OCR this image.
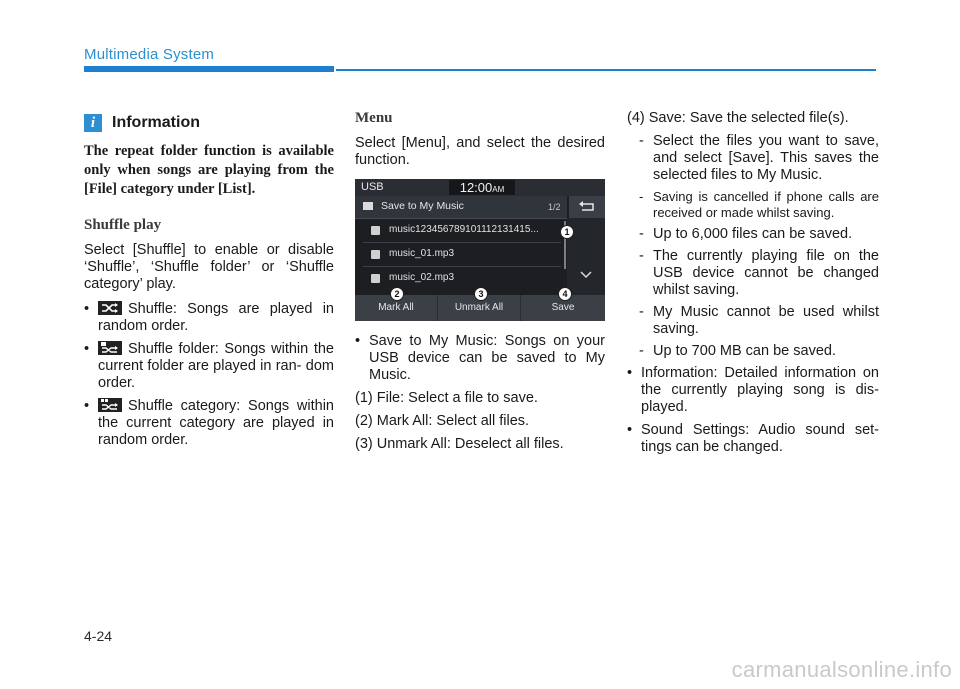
Multimedia System
i	Information
The repeat folder function is available only when songs are playing from the [File] category under [List].
Shuffle play

Select [Shuffle] to enable or disable ‘Shuffle’, ‘Shuffle folder’ or ‘Shuffle category’ play.

• Shuffle: Songs are played in random order.
• Shuffle folder: Songs within the current folder are played in ran- dom order.
• Shuffle category: Songs within the current category are played in random order.
Menu

Select [Menu], and select the desired function.

USB	12:00AM
Save to My Music	1/2
music123456789101112131415...
music_01.mp3
music_02.mp3
Mark All	Unmark All	Save
1
2	3	4
• Save to My Music: Songs on your USB device can be saved to My Music.
(1) File: Select a file to save.
(2) Mark All: Select all files.
(3) Unmark All: Deselect all files.
(4) Save: Save the selected file(s).
- Select the files you want to save, and select [Save]. This saves the selected files to My Music.
- Saving is cancelled if phone calls are received or made whilst saving.
- Up to 6,000 files can be saved.
- The currently playing file on the USB device cannot be changed whilst saving.
- My Music cannot be used whilst saving.
- Up to 700 MB can be saved.
• Information: Detailed information on the currently playing song is dis- played.
• Sound Settings: Audio sound set- tings can be changed.
4-24
carmanualsonline.info
